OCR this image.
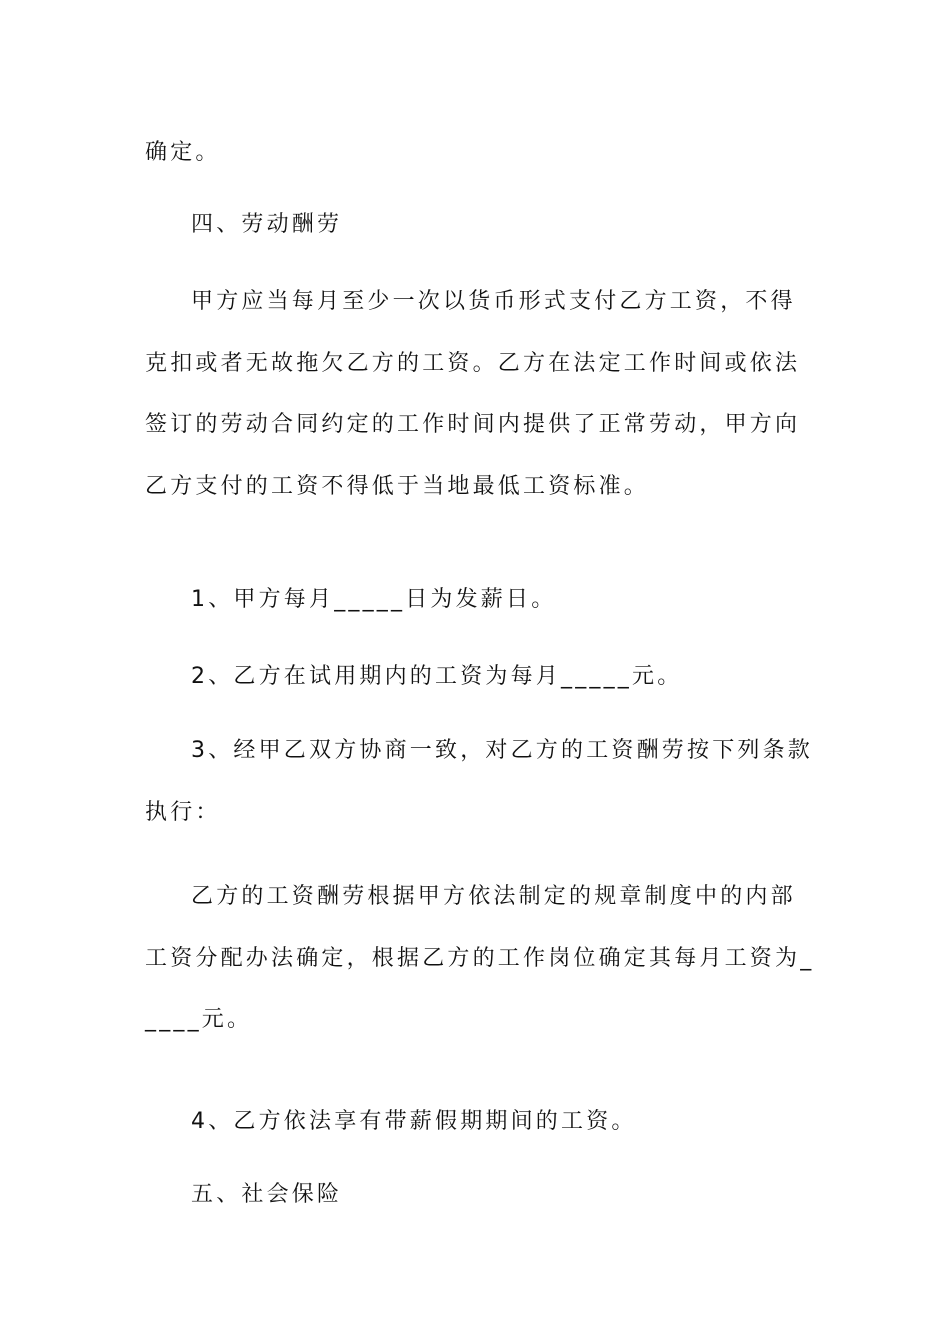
确定。

四、劳动酬劳

甲方应当每月至少一次以货币形式支付乙方工资，不得克扣或者无故拖欠乙方的工资。乙方在法定工作时间或依法签订的劳动合同约定的工作时间内提供了正常劳动，甲方向乙方支付的工资不得低于当地最低工资标准。

1、甲方每月_____日为发薪日。

2、乙方在试用期内的工资为每月_____元。

3、经甲乙双方协商一致，对乙方的工资酬劳按下列条款执行：

乙方的工资酬劳根据甲方依法制定的规章制度中的内部工资分配办法确定，根据乙方的工作岗位确定其每月工资为_____元。

4、乙方依法享有带薪假期期间的工资。

五、社会保险
